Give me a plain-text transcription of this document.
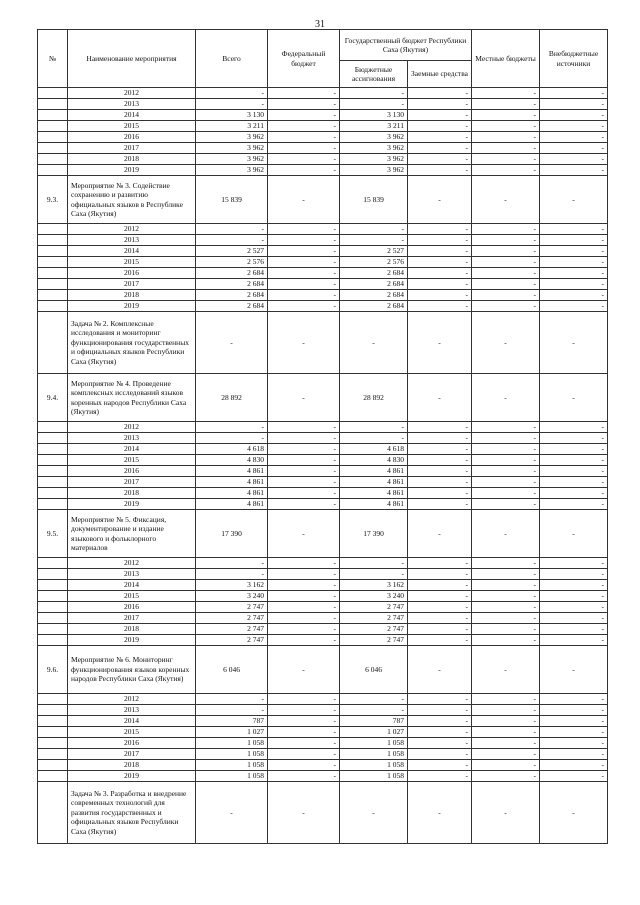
31
№	Наименование мероприятия	Всего	Федеральный бюджет	Государственный бюджет Республики Саха (Якутия)		Местные бюджеты	Внебюджетные источники
				Бюджетные ассигнования	Заемные средства		
	2012	-	-	-	-	-	-
	2013	-	-	-	-	-	-
	2014	3 130	-	3 130	-	-	-
	2015	3 211	-	3 211	-	-	-
	2016	3 962	-	3 962	-	-	-
	2017	3 962	-	3 962	-	-	-
	2018	3 962	-	3 962	-	-	-
	2019	3 962	-	3 962	-	-	-
9.3.	Мероприятие № 3. Содействие сохранению и развитию официальных языков в Республике Саха (Якутия)	15 839	-	15 839	-	-	-
	2012	-	-	-	-	-	-
	2013	-	-	-	-	-	-
	2014	2 527	-	2 527	-	-	-
	2015	2 576	-	2 576	-	-	-
	2016	2 684	-	2 684	-	-	-
	2017	2 684	-	2 684	-	-	-
	2018	2 684	-	2 684	-	-	-
	2019	2 684	-	2 684	-	-	-
	Задача № 2. Комплексные исследования и мониторинг функционирования государственных и официальных языков Республики Саха (Якутия)	-	-	-	-	-	-
9.4.	Мероприятие № 4. Проведение комплексных исследований языков коренных народов Республики Саха (Якутия)	28 892	-	28 892	-	-	-
	2012	-	-	-	-	-	-
	2013	-	-	-	-	-	-
	2014	4 618	-	4 618	-	-	-
	2015	4 830	-	4 830	-	-	-
	2016	4 861	-	4 861	-	-	-
	2017	4 861	-	4 861	-	-	-
	2018	4 861	-	4 861	-	-	-
	2019	4 861	-	4 861	-	-	-
9.5.	Мероприятие № 5. Фиксация, документирование и издание языкового и фольклорного материалов	17 390	-	17 390	-	-	-
	2012	-	-	-	-	-	-
	2013	-	-	-	-	-	-
	2014	3 162	-	3 162	-	-	-
	2015	3 240	-	3 240	-	-	-
	2016	2 747	-	2 747	-	-	-
	2017	2 747	-	2 747	-	-	-
	2018	2 747	-	2 747	-	-	-
	2019	2 747	-	2 747	-	-	-
9.6.	Мероприятие № 6. Мониторинг функционирования языков коренных народов Республики Саха (Якутия)	6 046	-	6 046	-	-	-
	2012	-	-	-	-	-	-
	2013	-	-	-	-	-	-
	2014	787	-	787	-	-	-
	2015	1 027	-	1 027	-	-	-
	2016	1 058	-	1 058	-	-	-
	2017	1 058	-	1 058	-	-	-
	2018	1 058	-	1 058	-	-	-
	2019	1 058	-	1 058	-	-	-
	Задача № 3. Разработка и внедрение современных технологий для развития государственных и официальных языков Республики Саха (Якутия)	-	-	-	-	-	-
